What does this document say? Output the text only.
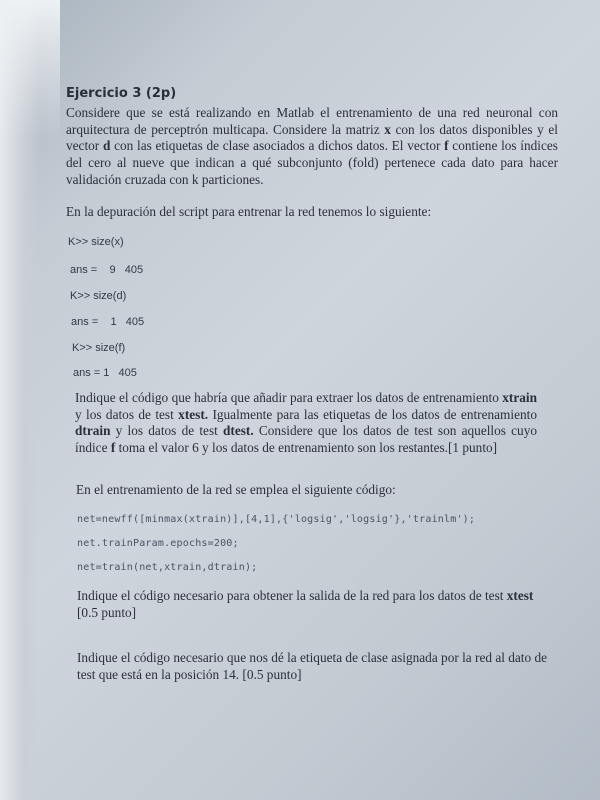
Ejercicio 3 (2p)
Considere que se está realizando en Matlab el entrenamiento de una red neuronal con arquitectura de perceptrón multicapa. Considere la matriz x con los datos disponibles y el vector d con las etiquetas de clase asociados a dichos datos. El vector f contiene los índices del cero al nueve que indican a qué subconjunto (fold) pertenece cada dato para hacer validación cruzada con k particiones.
En la depuración del script para entrenar la red tenemos lo siguiente:
K>> size(x)
ans =    9   405
K>> size(d)
ans =    1   405
K>> size(f)
ans = 1   405
Indique el código que habría que añadir para extraer los datos de entrenamiento xtrain y los datos de test xtest. Igualmente para las etiquetas de los datos de entrenamiento dtrain y los datos de test dtest. Considere que los datos de test son aquellos cuyo índice f toma el valor 6 y los datos de entrenamiento son los restantes.[1 punto]
En el entrenamiento de la red se emplea el siguiente código:
net=newff([minmax(xtrain)],[4,1],{'logsig','logsig'},'trainlm');
net.trainParam.epochs=200;
net=train(net,xtrain,dtrain);
Indique el código necesario para obtener la salida de la red para los datos de test xtest [0.5 punto]
Indique el código necesario que nos dé la etiqueta de clase asignada por la red al dato de test que está en la posición 14. [0.5 punto]
